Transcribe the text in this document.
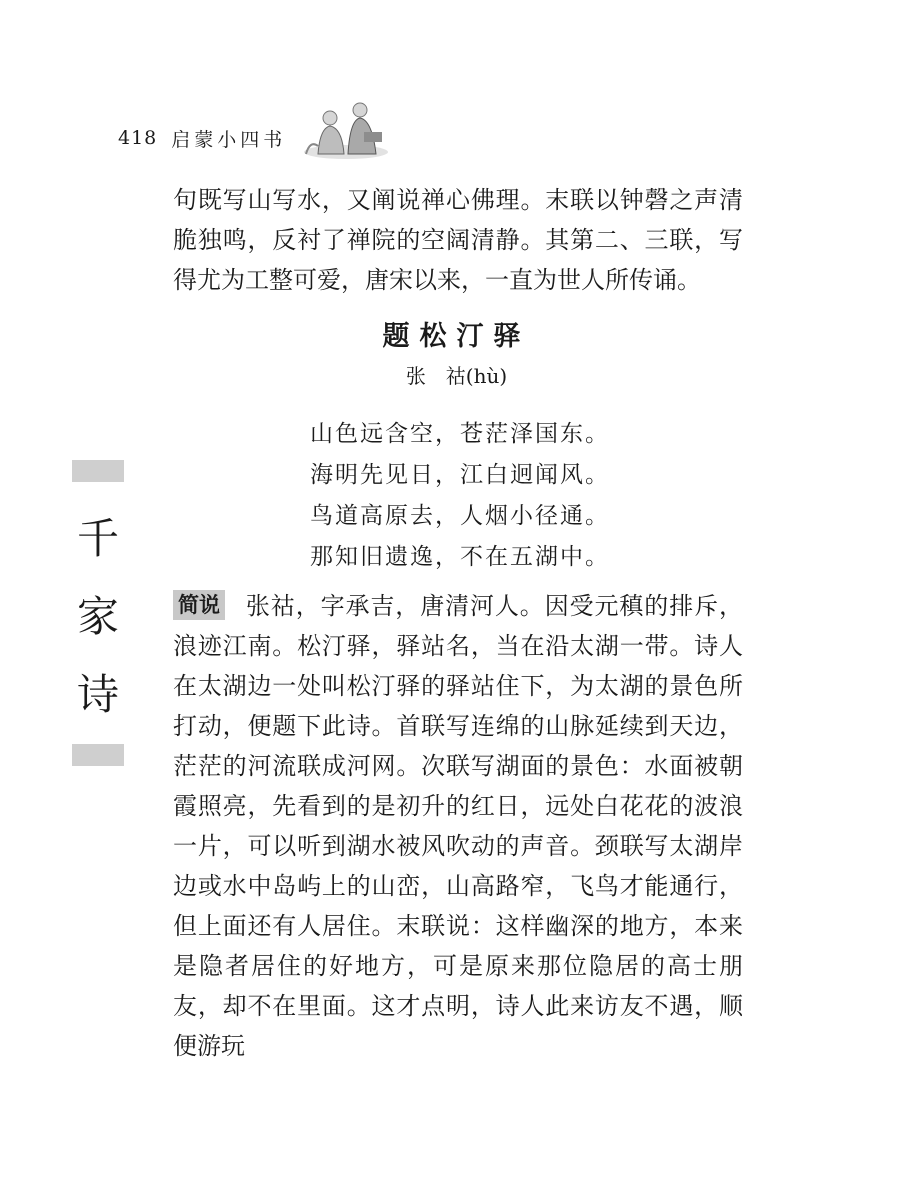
418 启蒙小四书

句既写山写水，又阐说禅心佛理。末联以钟磬之声清脆独鸣，反衬了禅院的空阔清静。其第二、三联，写得尤为工整可爱，唐宋以来，一直为世人所传诵。

题松汀驿
张　祜(hù)
山色远含空，苍茫泽国东。
海明先见日，江白迥闻风。
鸟道高原去，人烟小径通。
那知旧遗逸，不在五湖中。
千
家
诗

简说 张祜，字承吉，唐清河人。因受元稹的排斥，浪迹江南。松汀驿，驿站名，当在沿太湖一带。诗人在太湖边一处叫松汀驿的驿站住下，为太湖的景色所打动，便题下此诗。首联写连绵的山脉延续到天边，茫茫的河流联成河网。次联写湖面的景色：水面被朝霞照亮，先看到的是初升的红日，远处白花花的波浪一片，可以听到湖水被风吹动的声音。颈联写太湖岸边或水中岛屿上的山峦，山高路窄，飞鸟才能通行，但上面还有人居住。末联说：这样幽深的地方，本来是隐者居住的好地方，可是原来那位隐居的高士朋友，却不在里面。这才点明，诗人此来访友不遇，顺便游玩
